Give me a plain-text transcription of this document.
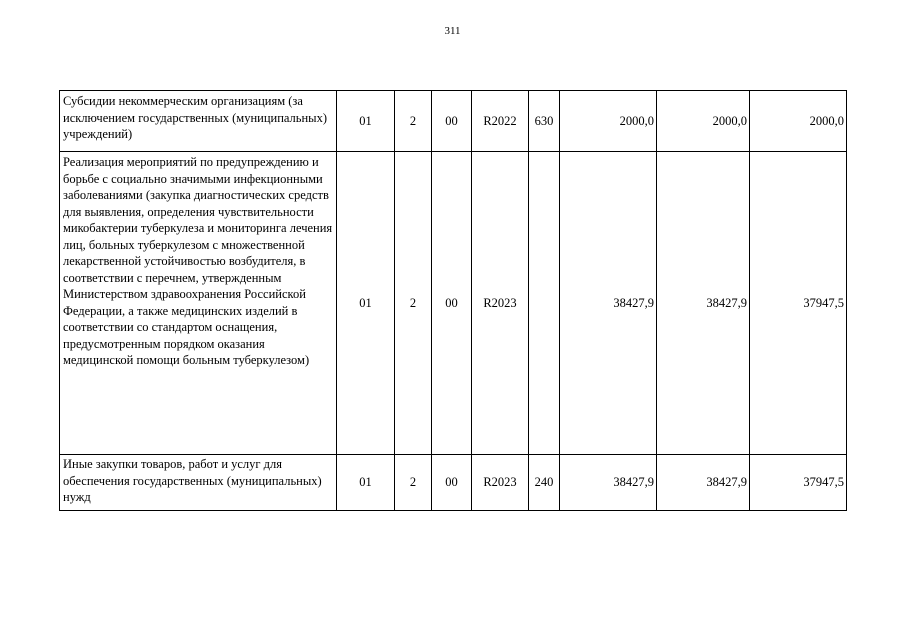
311
Субсидии некоммерческим организациям (за исключением государственных (муниципальных) учреждений)	01	2	00	R2022	630	2000,0	2000,0	2000,0
Реализация мероприятий по предупреждению и борьбе с социально значимыми инфекционными заболеваниями (закупка диагностических средств для выявления, определения чувствительности микобактерии туберкулеза и мониторинга лечения лиц, больных туберкулезом с множественной лекарственной устойчивостью возбудителя, в соответствии с перечнем, утвержденным Министерством здравоохранения Российской Федерации, а также медицинских изделий в соответствии со стандартом оснащения, предусмотренным порядком оказания медицинской помощи больным туберкулезом)	01	2	00	R2023		38427,9	38427,9	37947,5
Иные закупки товаров, работ и услуг для обеспечения государственных (муниципальных) нужд	01	2	00	R2023	240	38427,9	38427,9	37947,5
